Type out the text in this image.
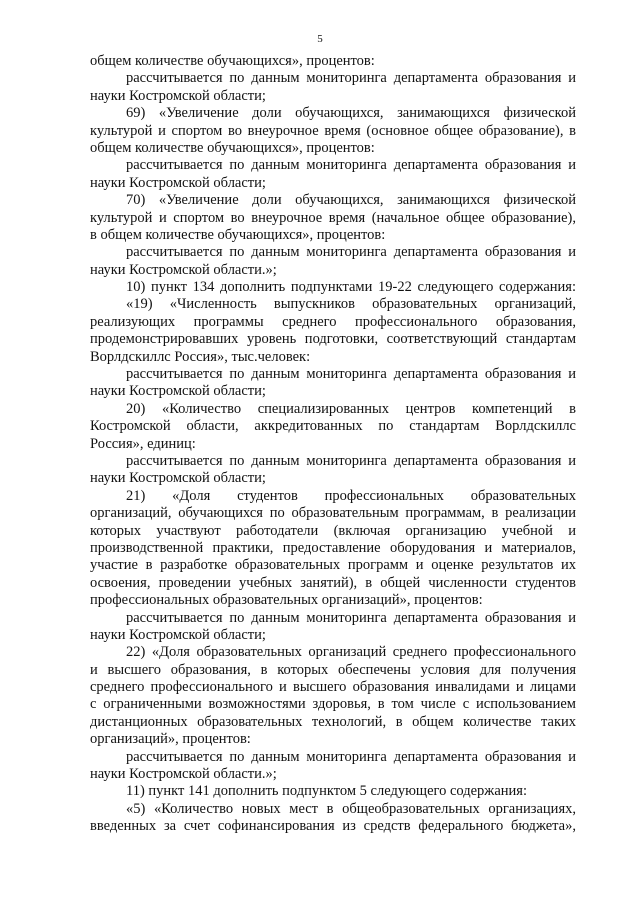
5
общем количестве обучающихся», процентов:
рассчитывается по данным мониторинга департамента образования и
науки Костромской области;
69) «Увеличение доли обучающихся, занимающихся физической
культурой и спортом во внеурочное время (основное общее образование), в
общем количестве обучающихся», процентов:
рассчитывается по данным мониторинга департамента образования и
науки Костромской области;
70) «Увеличение доли обучающихся, занимающихся физической
культурой и спортом во внеурочное время (начальное общее образование),
в общем количестве обучающихся», процентов:
рассчитывается по данным мониторинга департамента образования и
науки Костромской области.»;
10) пункт 134 дополнить подпунктами 19-22 следующего содержания:
«19) «Численность выпускников образовательных организаций,
реализующих программы среднего профессионального образования,
продемонстрировавших уровень подготовки, соответствующий стандартам
Ворлдскиллс Россия», тыс.человек:
рассчитывается по данным мониторинга департамента образования и
науки Костромской области;
20) «Количество специализированных центров компетенций в
Костромской области, аккредитованных по стандартам Ворлдскиллс
Россия», единиц:
рассчитывается по данным мониторинга департамента образования и
науки Костромской области;
21) «Доля студентов профессиональных образовательных
организаций, обучающихся по образовательным программам, в реализации
которых участвуют работодатели (включая организацию учебной и
производственной практики, предоставление оборудования и материалов,
участие в разработке образовательных программ и оценке результатов их
освоения, проведении учебных занятий), в общей численности студентов
профессиональных образовательных организаций», процентов:
рассчитывается по данным мониторинга департамента образования и
науки Костромской области;
22) «Доля образовательных организаций среднего профессионального
и высшего образования, в которых обеспечены условия для получения
среднего профессионального и высшего образования инвалидами и лицами
с ограниченными возможностями здоровья, в том числе с использованием
дистанционных образовательных технологий, в общем количестве таких
организаций», процентов:
рассчитывается по данным мониторинга департамента образования и
науки Костромской области.»;
11) пункт 141 дополнить подпунктом 5 следующего содержания:
«5) «Количество новых мест в общеобразовательных организациях,
введенных за счет софинансирования из средств федерального бюджета»,
